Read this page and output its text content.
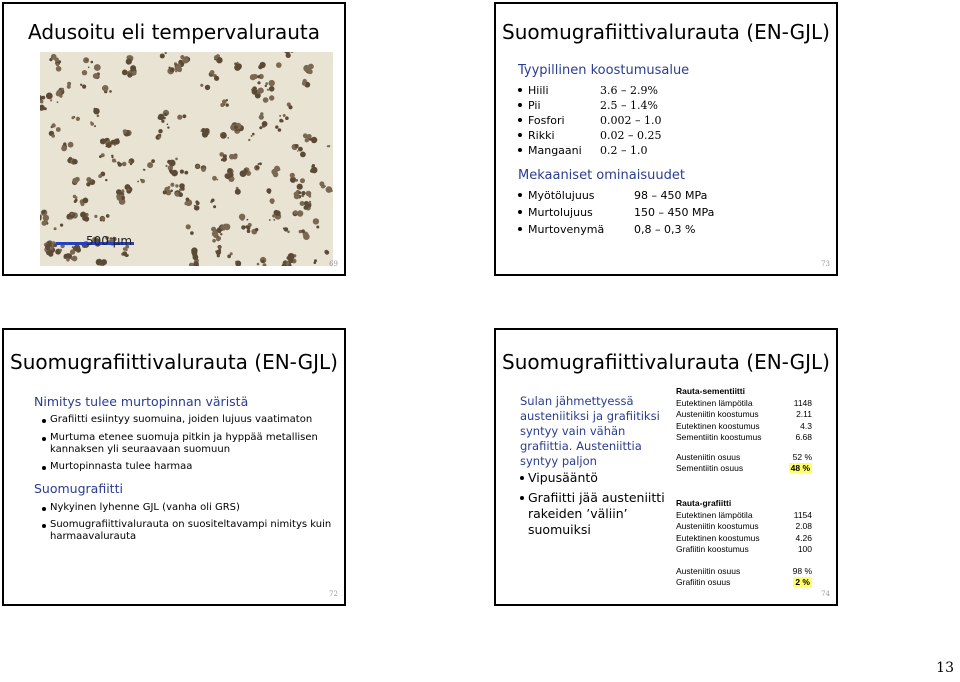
Adusoitu eli tempervalurauta
500 µm
69
Suomugrafiittivalurauta (EN-GJL)
Tyypillinen koostumusalue
Hiili	3.6 – 2.9%
Pii	2.5 – 1.4%
Fosfori	0.002 – 1.0
Rikki	0.02 – 0.25
Mangaani 0.2 – 1.0
Mekaaniset ominaisuudet
Myötölujuus	98 – 450 MPa
Murtolujuus	150 – 450 MPa
Murtovenymä	0,8 – 0,3 %
73
Suomugrafiittivalurauta (EN-GJL)
Nimitys tulee murtopinnan väristä
Grafiitti esiintyy suomuina, joiden lujuus vaatimaton
Murtuma etenee suomuja pitkin ja hyppää metallisen kannaksen yli seuraavaan suomuun
Murtopinnasta tulee harmaa
Suomugrafiitti
Nykyinen lyhenne GJL (vanha oli GRS)
Suomugrafiittivalurauta on suositeltavampi nimitys kuin harmaavalurauta
72
Suomugrafiittivalurauta (EN-GJL)
Sulan jähmettyessä austeniitiksi ja grafiitiksi syntyy vain vähän grafiittia. Austeniittia syntyy paljon
Vipusääntö
Grafiitti jää austeniitti rakeiden ’väliin’ suomuiksi
Rauta-sementiitti
Eutektinen lämpötila	1148
Austeniitin koostumus	2.11
Eutektinen koostumus	4.3
Sementiitin koostumus	6.68
Austeniitin osuus	52 %
Sementiitin osuus	48 %
Rauta-grafiitti
Eutektinen lämpötila	1154
Austeniitin koostumus	2.08
Eutektinen koostumus	4.26
Grafiitin koostumus	100
Austeniitin osuus	98 %
Grafiitin osuus	2 %
74
13
